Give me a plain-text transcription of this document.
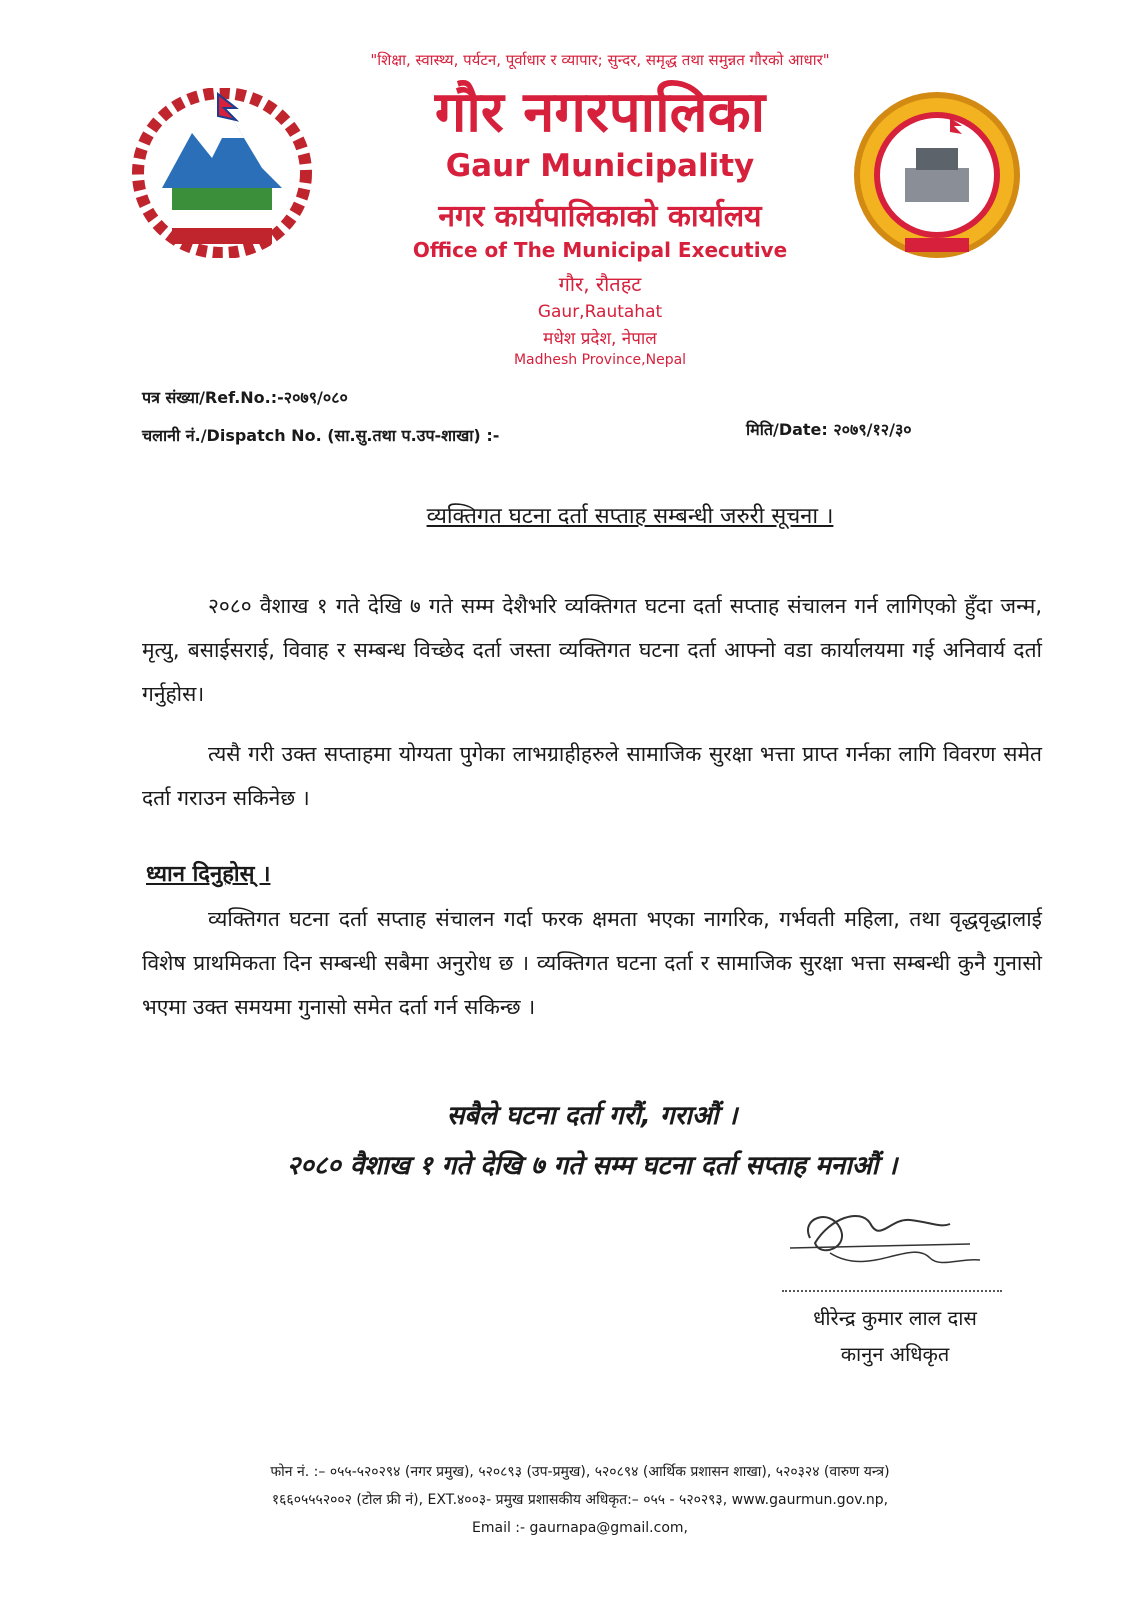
"शिक्षा, स्वास्थ्य, पर्यटन, पूर्वाधार र व्यापार; सुन्दर, समृद्ध तथा समुन्नत गौरको आधार"
गौर नगरपालिका
Gaur Municipality
नगर कार्यपालिकाको कार्यालय
Office of The Municipal Executive
गौर, रौतहट
Gaur,Rautahat
मधेश प्रदेश, नेपाल
Madhesh Province,Nepal
पत्र संख्या/Ref.No.:-२०७९/०८०
चलानी नं./Dispatch No. (सा.सु.तथा प.उप-शाखा) :-	मिति/Date: २०७९/१२/३०
व्यक्तिगत घटना दर्ता सप्ताह सम्बन्धी जरुरी सूचना ।
२०८० वैशाख १ गते देखि ७ गते सम्म देशैभरि व्यक्तिगत घटना दर्ता सप्ताह संचालन गर्न लागिएको हुँदा जन्म, मृत्यु, बसाईसराई, विवाह र सम्बन्ध विच्छेद दर्ता जस्ता व्यक्तिगत घटना दर्ता आफ्नो वडा कार्यालयमा गई अनिवार्य दर्ता गर्नुहोस।
त्यसै गरी उक्त सप्ताहमा योग्यता पुगेका लाभग्राहीहरुले सामाजिक सुरक्षा भत्ता प्राप्त गर्नका लागि विवरण समेत दर्ता गराउन सकिनेछ ।
ध्यान दिनुहोस् ।
व्यक्तिगत घटना दर्ता सप्ताह संचालन गर्दा फरक क्षमता भएका नागरिक, गर्भवती महिला, तथा वृद्धवृद्धालाई विशेष प्राथमिकता दिन सम्बन्धी सबैमा अनुरोध छ । व्यक्तिगत घटना दर्ता र सामाजिक सुरक्षा भत्ता सम्बन्धी कुनै गुनासो भएमा उक्त समयमा गुनासो समेत दर्ता गर्न सकिन्छ ।
सबैले घटना दर्ता गरौं, गराऔं ।
२०८० वैशाख १ गते देखि ७ गते सम्म घटना दर्ता सप्ताह मनाऔं ।
धीरेन्द्र कुमार लाल दास
कानुन अधिकृत
फोन नं. :– ०५५-५२०२९४ (नगर प्रमुख), ५२०८९३ (उप-प्रमुख), ५२०८९४ (आर्थिक प्रशासन शाखा), ५२०३२४ (वारुण यन्त्र)
१६६०५५५२००२ (टोल फ्री नं), EXT.४००३- प्रमुख प्रशासकीय अधिकृत:– ०५५ - ५२०२९३, www.gaurmun.gov.np,
Email :- gaurnapa@gmail.com,
